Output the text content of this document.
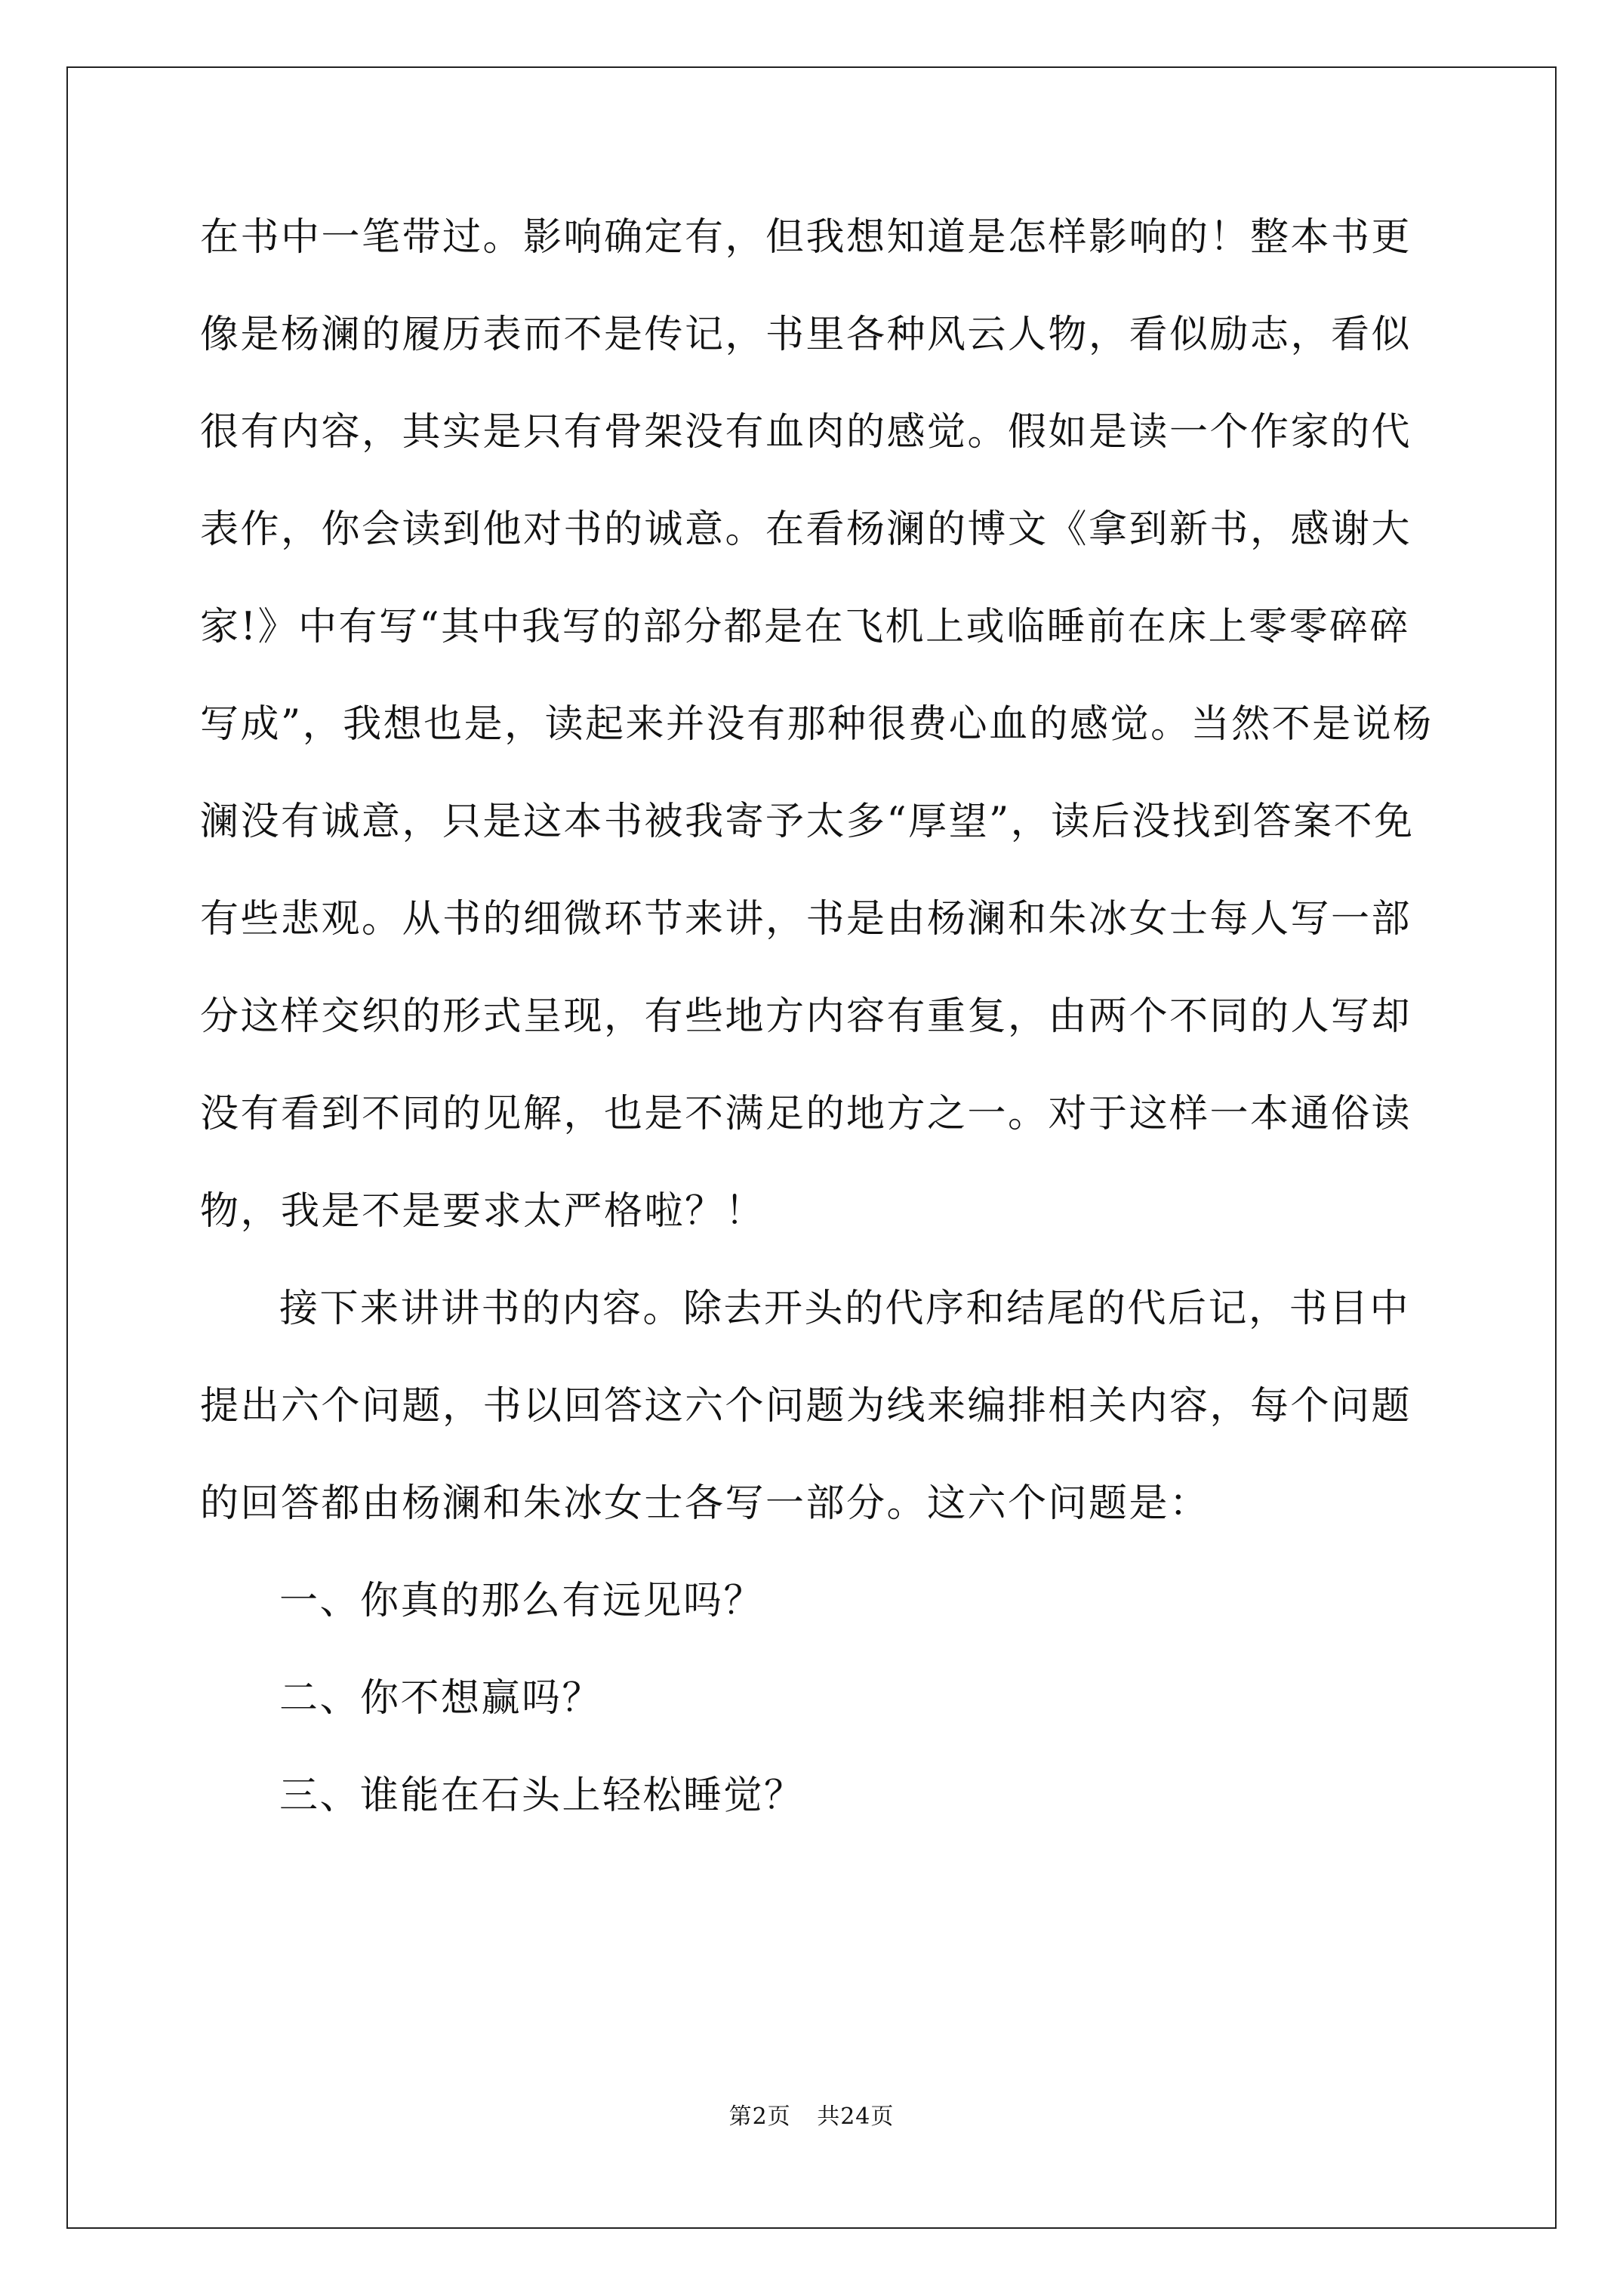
在书中一笔带过。影响确定有，但我想知道是怎样影响的！整本书更
像是杨澜的履历表而不是传记，书里各种风云人物，看似励志，看似
很有内容，其实是只有骨架没有血肉的感觉。假如是读一个作家的代
表作，你会读到他对书的诚意。在看杨澜的博文《拿到新书，感谢大
家!》中有写“其中我写的部分都是在飞机上或临睡前在床上零零碎碎
写成”，我想也是，读起来并没有那种很费心血的感觉。当然不是说杨
澜没有诚意，只是这本书被我寄予太多“厚望”，读后没找到答案不免
有些悲观。从书的细微环节来讲，书是由杨澜和朱冰女士每人写一部
分这样交织的形式呈现，有些地方内容有重复，由两个不同的人写却
没有看到不同的见解，也是不满足的地方之一。对于这样一本通俗读
物，我是不是要求太严格啦？！
接下来讲讲书的内容。除去开头的代序和结尾的代后记，书目中
提出六个问题，书以回答这六个问题为线来编排相关内容，每个问题
的回答都由杨澜和朱冰女士各写一部分。这六个问题是：
一、你真的那么有远见吗？
二、你不想赢吗？
三、谁能在石头上轻松睡觉？
第2页 共24页
